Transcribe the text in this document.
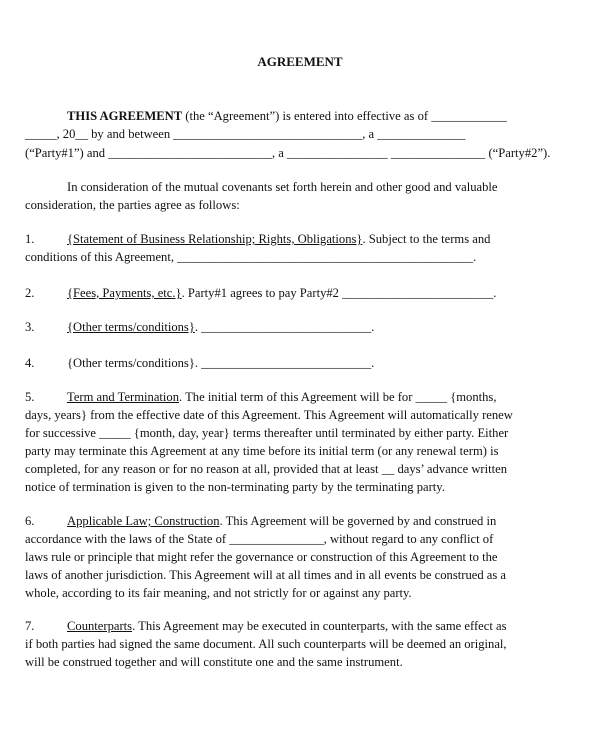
AGREEMENT
THIS AGREEMENT (the “Agreement”) is entered into effective as of ____________
_____, 20__ by and between ______________________________, a ______________
(“Party#1”) and __________________________, a ________________ _______________ (“Party#2”).
In consideration of the mutual covenants set forth herein and other good and valuable
consideration, the parties agree as follows:
1.	{Statement of Business Relationship; Rights, Obligations}. Subject to the terms and
conditions of this Agreement, _______________________________________________.
2.	{Fees, Payments, etc.}. Party#1 agrees to pay Party#2 ________________________.
3.	{Other terms/conditions}. ___________________________.
4.	{Other terms/conditions}. ___________________________.
5.	Term and Termination. The initial term of this Agreement will be for _____ {months,
days, years} from the effective date of this Agreement. This Agreement will automatically renew
for successive _____ {month, day, year} terms thereafter until terminated by either party. Either
party may terminate this Agreement at any time before its initial term (or any renewal term) is
completed, for any reason or for no reason at all, provided that at least __ days’ advance written
notice of termination is given to the non-terminating party by the terminating party.
6.	Applicable Law; Construction. This Agreement will be governed by and construed in
accordance with the laws of the State of _______________, without regard to any conflict of
laws rule or principle that might refer the governance or construction of this Agreement to the
laws of another jurisdiction. This Agreement will at all times and in all events be construed as a
whole, according to its fair meaning, and not strictly for or against any party.
7.	Counterparts. This Agreement may be executed in counterparts, with the same effect as
if both parties had signed the same document. All such counterparts will be deemed an original,
will be construed together and will constitute one and the same instrument.
